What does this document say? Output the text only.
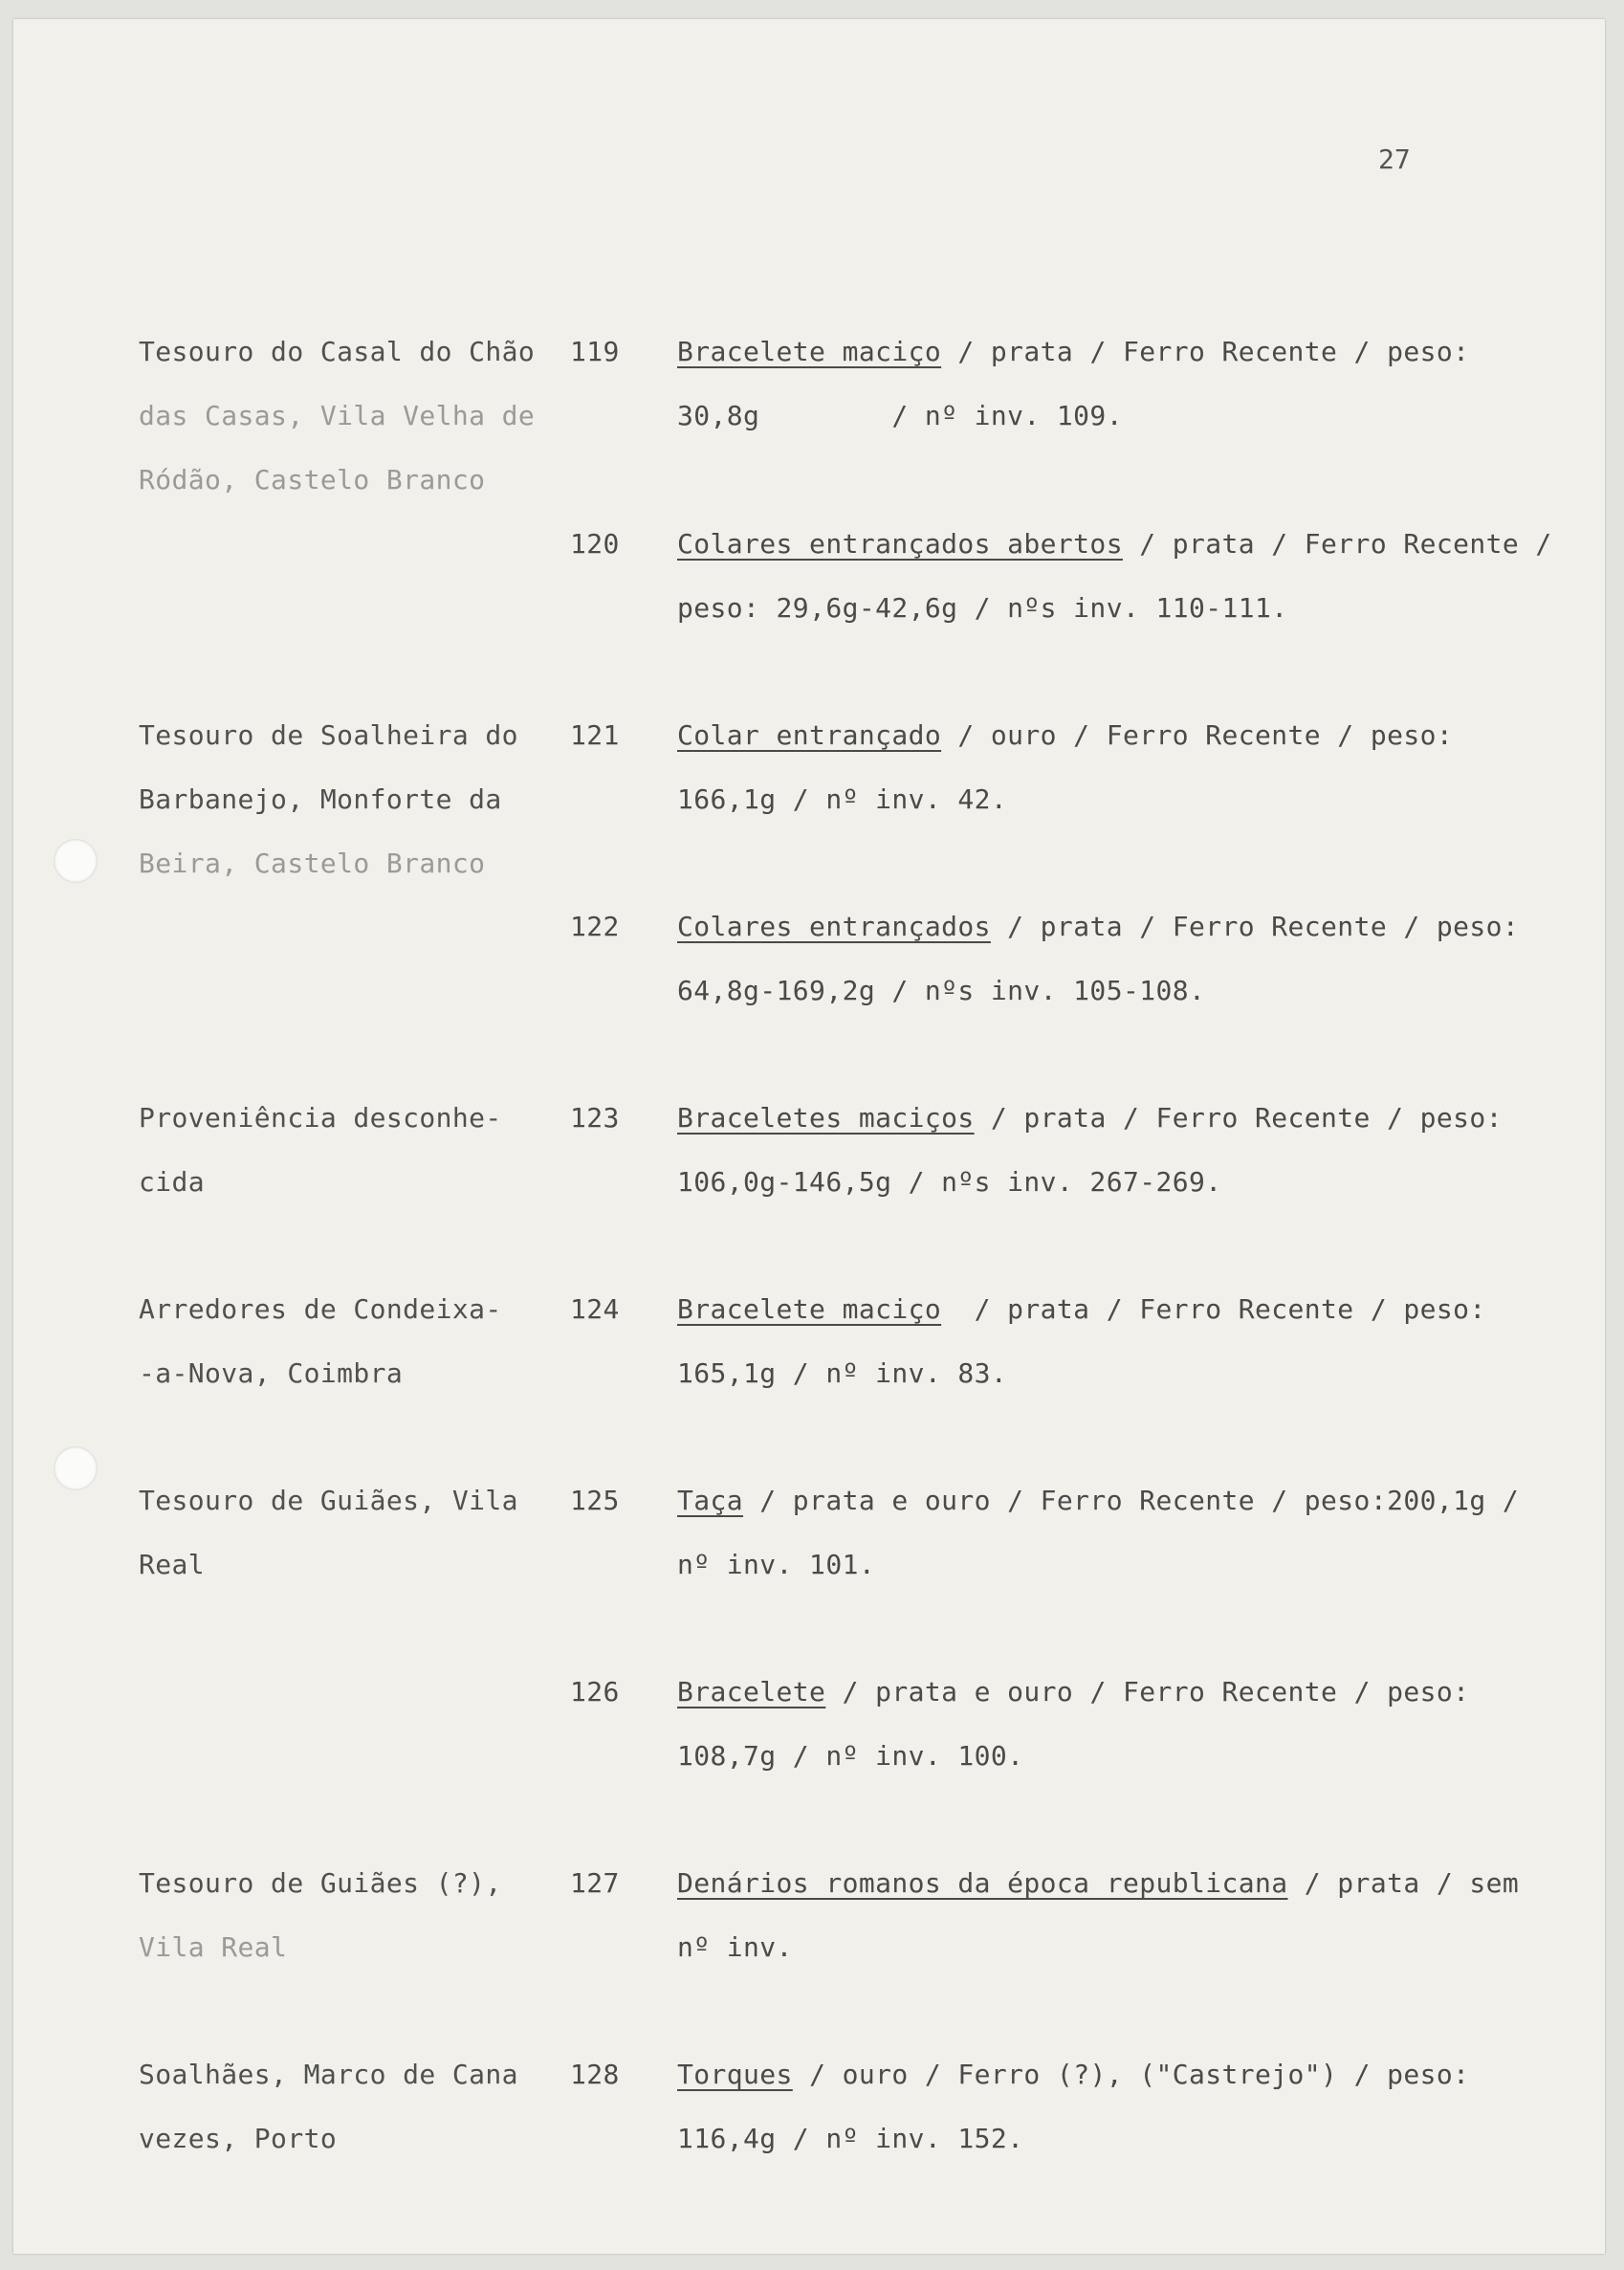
27
Tesouro do Casal do Chão
das Casas, Vila Velha de
Ródão, Castelo Branco
119 Bracelete maciço / prata / Ferro Recente / peso:
30,8g        / nº inv. 109.
120 Colares entrançados abertos / prata / Ferro Recente /
peso: 29,6g-42,6g / nºs inv. 110-111.
Tesouro de Soalheira do
Barbanejo, Monforte da
Beira, Castelo Branco
121 Colar entrançado / ouro / Ferro Recente / peso:
166,1g / nº inv. 42.
122 Colares entrançados / prata / Ferro Recente / peso:
64,8g-169,2g / nºs inv. 105-108.
Proveniência desconhe-
cida
123 Braceletes maciços / prata / Ferro Recente / peso:
106,0g-146,5g / nºs inv. 267-269.
Arredores de Condeixa-
-a-Nova, Coimbra
124 Bracelete maciço  / prata / Ferro Recente / peso:
165,1g / nº inv. 83.
Tesouro de Guiães, Vila
Real
125 Taça / prata e ouro / Ferro Recente / peso:200,1g /
nº inv. 101.
126 Bracelete / prata e ouro / Ferro Recente / peso:
108,7g / nº inv. 100.
Tesouro de Guiães (?),
Vila Real
127 Denários romanos da época republicana / prata / sem
nº inv.
Soalhães, Marco de Cana
vezes, Porto
128 Torques / ouro / Ferro (?), ("Castrejo") / peso:
116,4g / nº inv. 152.
